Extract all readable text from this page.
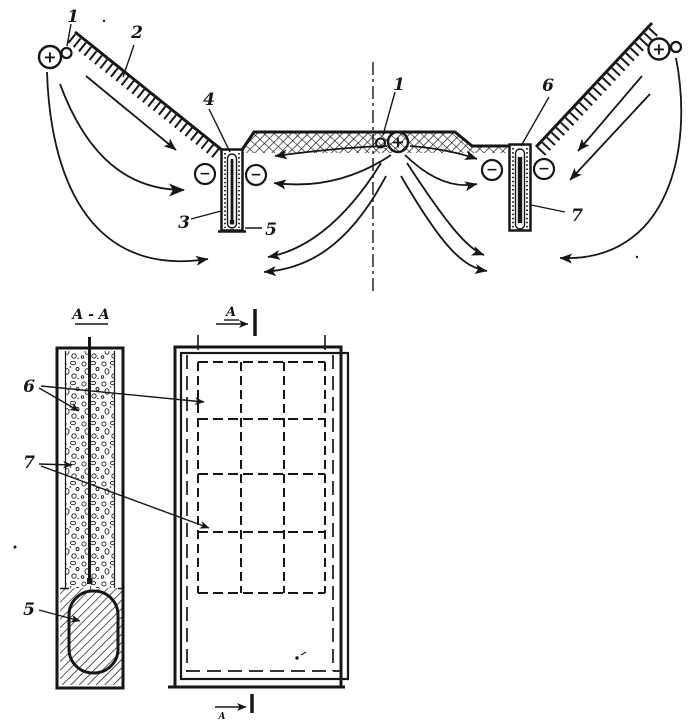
+
+
+
−	−	−	−
1
2
4
3	5
1	6
7
A - A
6
7
5
A
A
